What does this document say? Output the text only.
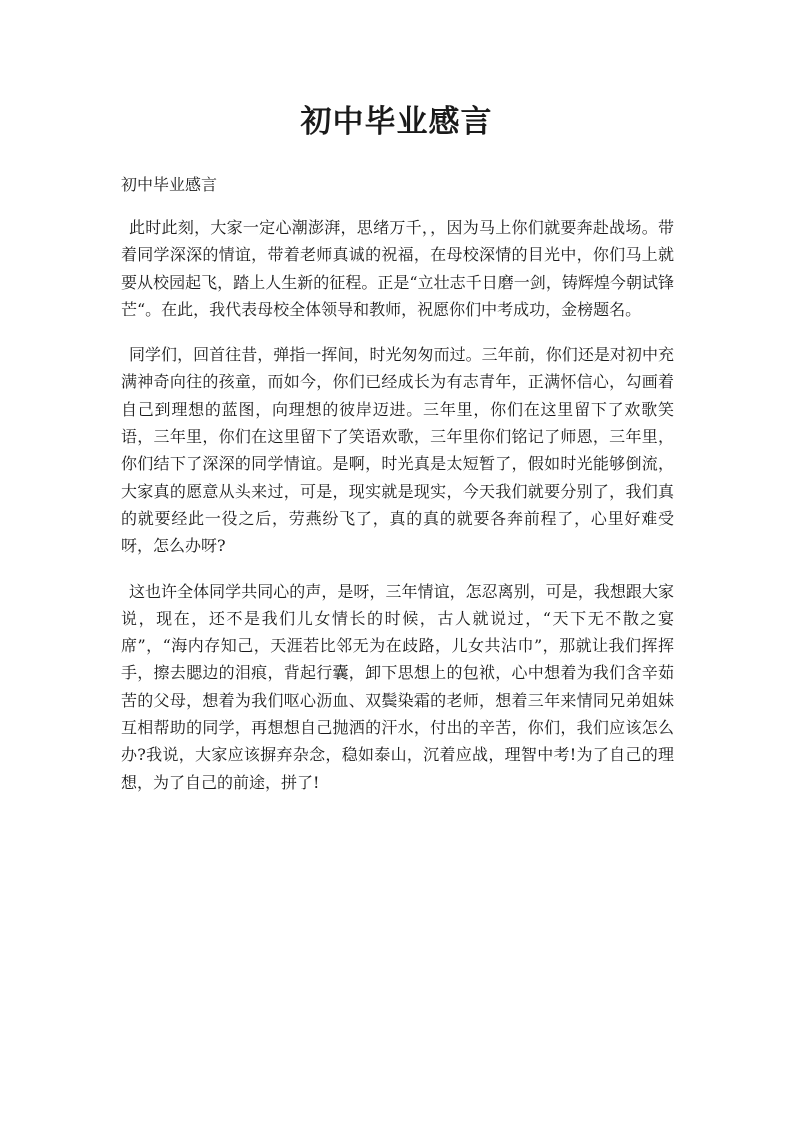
初中毕业感言

初中毕业感言

此时此刻，大家一定心潮澎湃，思绪万千，，因为马上你们就要奔赴战场。带着同学深深的情谊，带着老师真诚的祝福，在母校深情的目光中，你们马上就要从校园起飞，踏上人生新的征程。正是“立壮志千日磨一剑，铸辉煌今朝试锋芒“。在此，我代表母校全体领导和教师，祝愿你们中考成功，金榜题名。

同学们，回首往昔，弹指一挥间，时光匆匆而过。三年前，你们还是对初中充满神奇向往的孩童，而如今，你们已经成长为有志青年，正满怀信心，勾画着自己到理想的蓝图，向理想的彼岸迈进。三年里，你们在这里留下了欢歌笑语，三年里，你们在这里留下了笑语欢歌，三年里你们铭记了师恩，三年里，你们结下了深深的同学情谊。是啊，时光真是太短暂了，假如时光能够倒流，大家真的愿意从头来过，可是，现实就是现实，今天我们就要分别了，我们真的就要经此一役之后，劳燕纷飞了，真的真的就要各奔前程了，心里好难受呀，怎么办呀?

这也许全体同学共同心的声，是呀，三年情谊，怎忍离别，可是，我想跟大家说，现在，还不是我们儿女情长的时候，古人就说过，“天下无不散之宴席”，“海内存知己，天涯若比邻无为在歧路，儿女共沾巾”，那就让我们挥挥手，擦去腮边的泪痕，背起行囊，卸下思想上的包袱，心中想着为我们含辛茹苦的父母，想着为我们呕心沥血、双鬓染霜的老师，想着三年来情同兄弟姐妹互相帮助的同学，再想想自己抛洒的汗水，付出的辛苦，你们，我们应该怎么办?我说，大家应该摒弃杂念，稳如泰山，沉着应战，理智中考!为了自己的理想，为了自己的前途，拼了!
